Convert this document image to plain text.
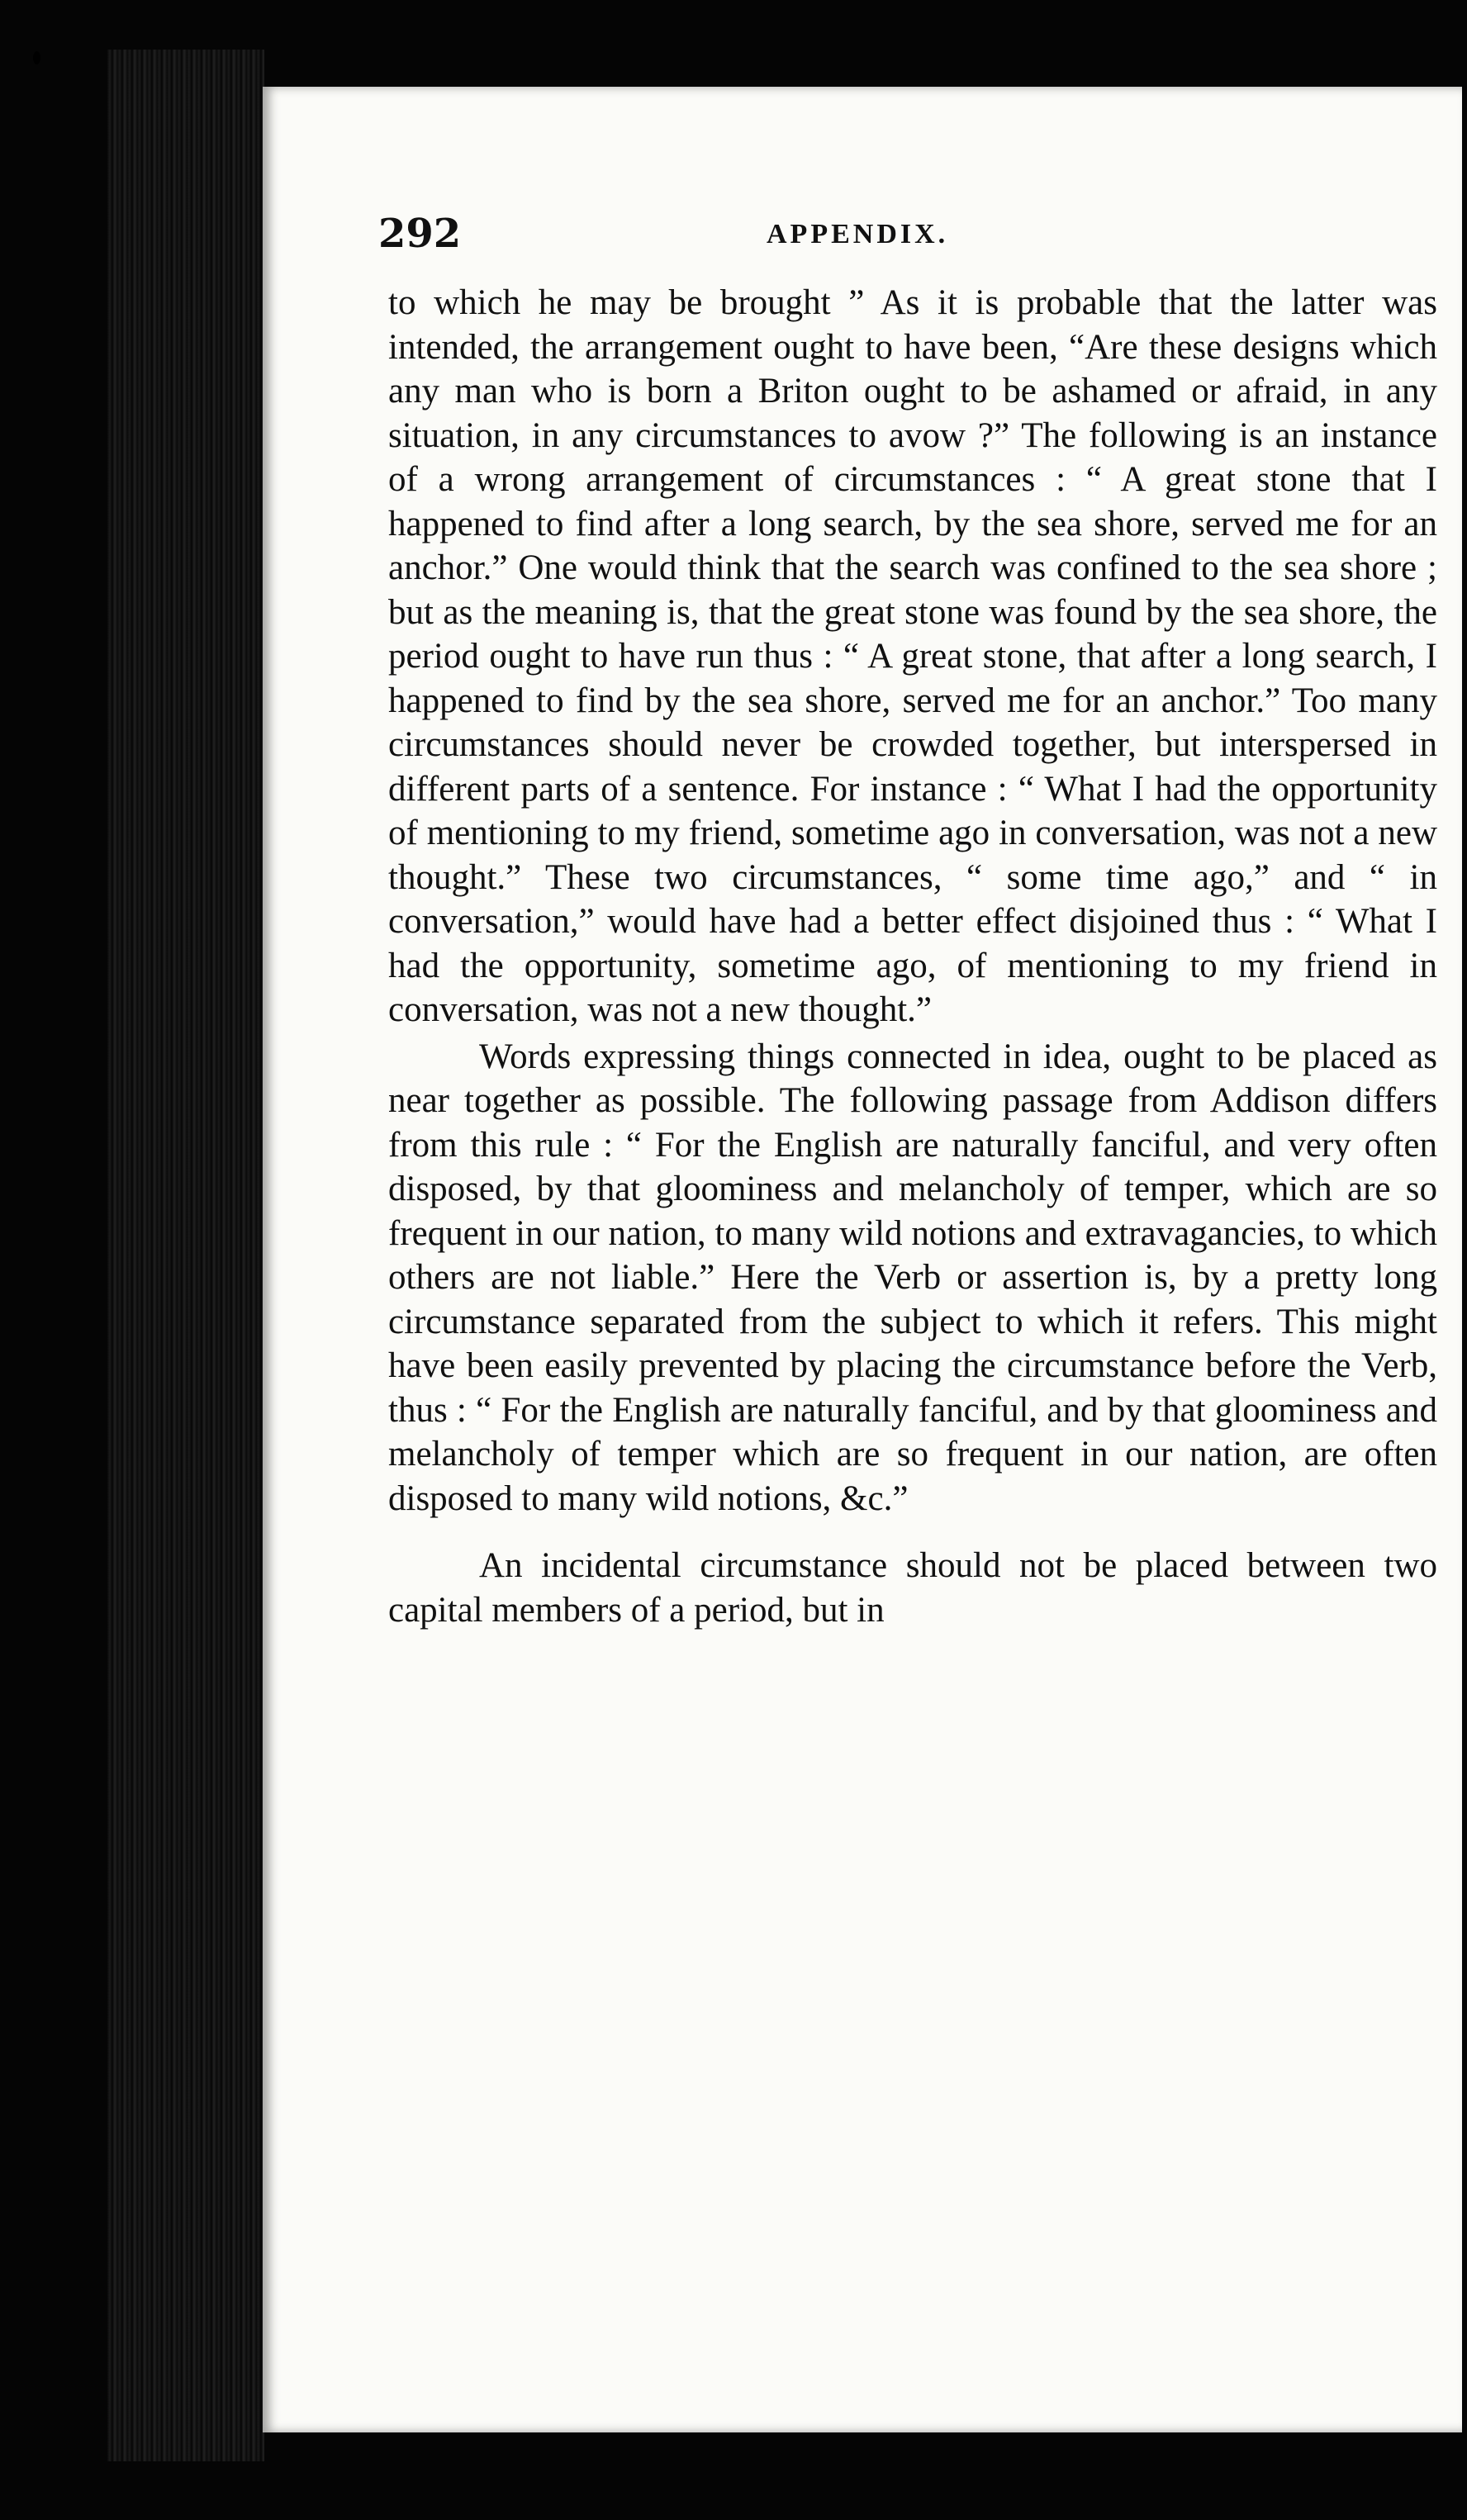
292	APPENDIX.

to which he may be brought ” As it is probable that the latter was intended, the arrangement ought to have been, “Are these designs which any man who is born a Briton ought to be ashamed or afraid, in any situation, in any circumstances to avow ?” The following is an instance of a wrong arrangement of circumstances : “ A great stone that I happened to find after a long search, by the sea shore, served me for an anchor.” One would think that the search was confined to the sea shore ; but as the meaning is, that the great stone was found by the sea shore, the period ought to have run thus : “ A great stone, that after a long search, I happened to find by the sea shore, served me for an anchor.” Too many circumstances should never be crowded together, but interspersed in different parts of a sentence. For instance : “ What I had the opportunity of mentioning to my friend, sometime ago in conversation, was not a new thought.” These two circumstances, “ some time ago,” and “ in conversation,” would have had a better effect disjoined thus : “ What I had the opportunity, sometime ago, of mentioning to my friend in conversation, was not a new thought.”

Words expressing things connected in idea, ought to be placed as near together as possible. The following passage from Addison differs from this rule : “ For the English are naturally fanciful, and very often disposed, by that gloominess and melancholy of temper, which are so frequent in our nation, to many wild notions and extravagancies, to which others are not liable.” Here the Verb or assertion is, by a pretty long circumstance separated from the subject to which it refers. This might have been easily prevented by placing the circumstance before the Verb, thus : “ For the English are naturally fanciful, and by that gloominess and melancholy of temper which are so frequent in our nation, are often disposed to many wild notions, &c.”

An incidental circumstance should not be placed between two capital members of a period, but in
